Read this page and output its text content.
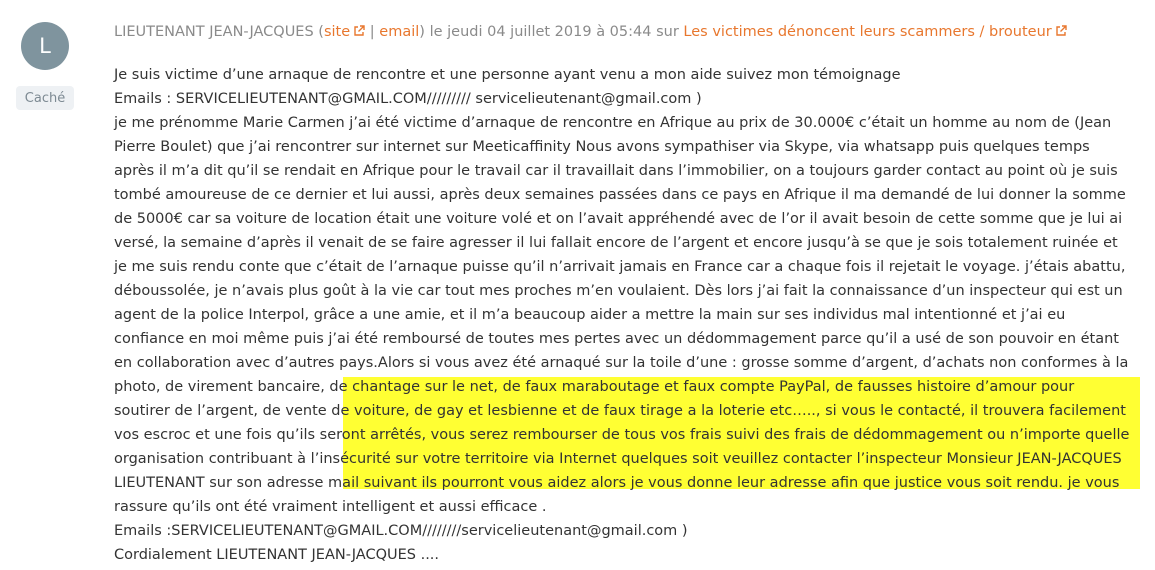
L
Caché
LIEUTENANT JEAN-JACQUES (site | email) le jeudi 04 juillet 2019 à 05:44 sur Les victimes dénoncent leurs scammers / brouteur

Je suis victime d’une arnaque de rencontre et une personne ayant venu a mon aide suivez mon témoignage

Emails : SERVICELIEUTENANT@GMAIL.COM///////// servicelieutenant@gmail.com )

je me prénomme Marie Carmen j’ai été victime d’arnaque de rencontre en Afrique au prix de 30.000€ c’était un homme au nom de (Jean Pierre Boulet) que j’ai rencontrer sur internet sur Meeticaffinity Nous avons sympathiser via Skype, via whatsapp puis quelques temps après il m’a dit qu’il se rendait en Afrique pour le travail car il travaillait dans l’immobilier, on a toujours garder contact au point où je suis tombé amoureuse de ce dernier et lui aussi, après deux semaines passées dans ce pays en Afrique il ma demandé de lui donner la somme de 5000€ car sa voiture de location était une voiture volé et on l’avait appréhendé avec de l’or il avait besoin de cette somme que je lui ai versé, la semaine d’après il venait de se faire agresser il lui fallait encore de l’argent et encore jusqu’à se que je sois totalement ruinée et je me suis rendu conte que c’était de l’arnaque puisse qu’il n’arrivait jamais en France car a chaque fois il rejetait le voyage. j’étais abattu, déboussolée, je n’avais plus goût à la vie car tout mes proches m’en voulaient. Dès lors j’ai fait la connaissance d’un inspecteur qui est un agent de la police Interpol, grâce a une amie, et il m’a beaucoup aider a mettre la main sur ses individus mal intentionné et j’ai eu confiance en moi même puis j’ai été remboursé de toutes mes pertes avec un dédommagement parce qu’il a usé de son pouvoir en étant en collaboration avec d’autres pays.Alors si vous avez été arnaqué sur la toile d’une : grosse somme d’argent, d’achats non conformes à la photo, de virement bancaire, de chantage sur le net, de faux maraboutage et faux compte PayPal, de fausses histoire d’amour pour soutirer de l’argent, de vente de voiture, de gay et lesbienne et de faux tirage a la loterie etc….., si vous le contacté, il trouvera facilement vos escroc et une fois qu’ils seront arrêtés, vous serez rembourser de tous vos frais suivi des frais de dédommagement ou n’importe quelle organisation contribuant à l’insécurité sur votre territoire via Internet quelques soit veuillez contacter l’inspecteur Monsieur JEAN-JACQUES LIEUTENANT sur son adresse mail suivant ils pourront vous aidez alors je vous donne leur adresse afin que justice vous soit rendu. je vous rassure qu’ils ont été vraiment intelligent et aussi efficace .

Emails :SERVICELIEUTENANT@GMAIL.COM////////servicelieutenant@gmail.com )

Cordialement LIEUTENANT JEAN-JACQUES ....
